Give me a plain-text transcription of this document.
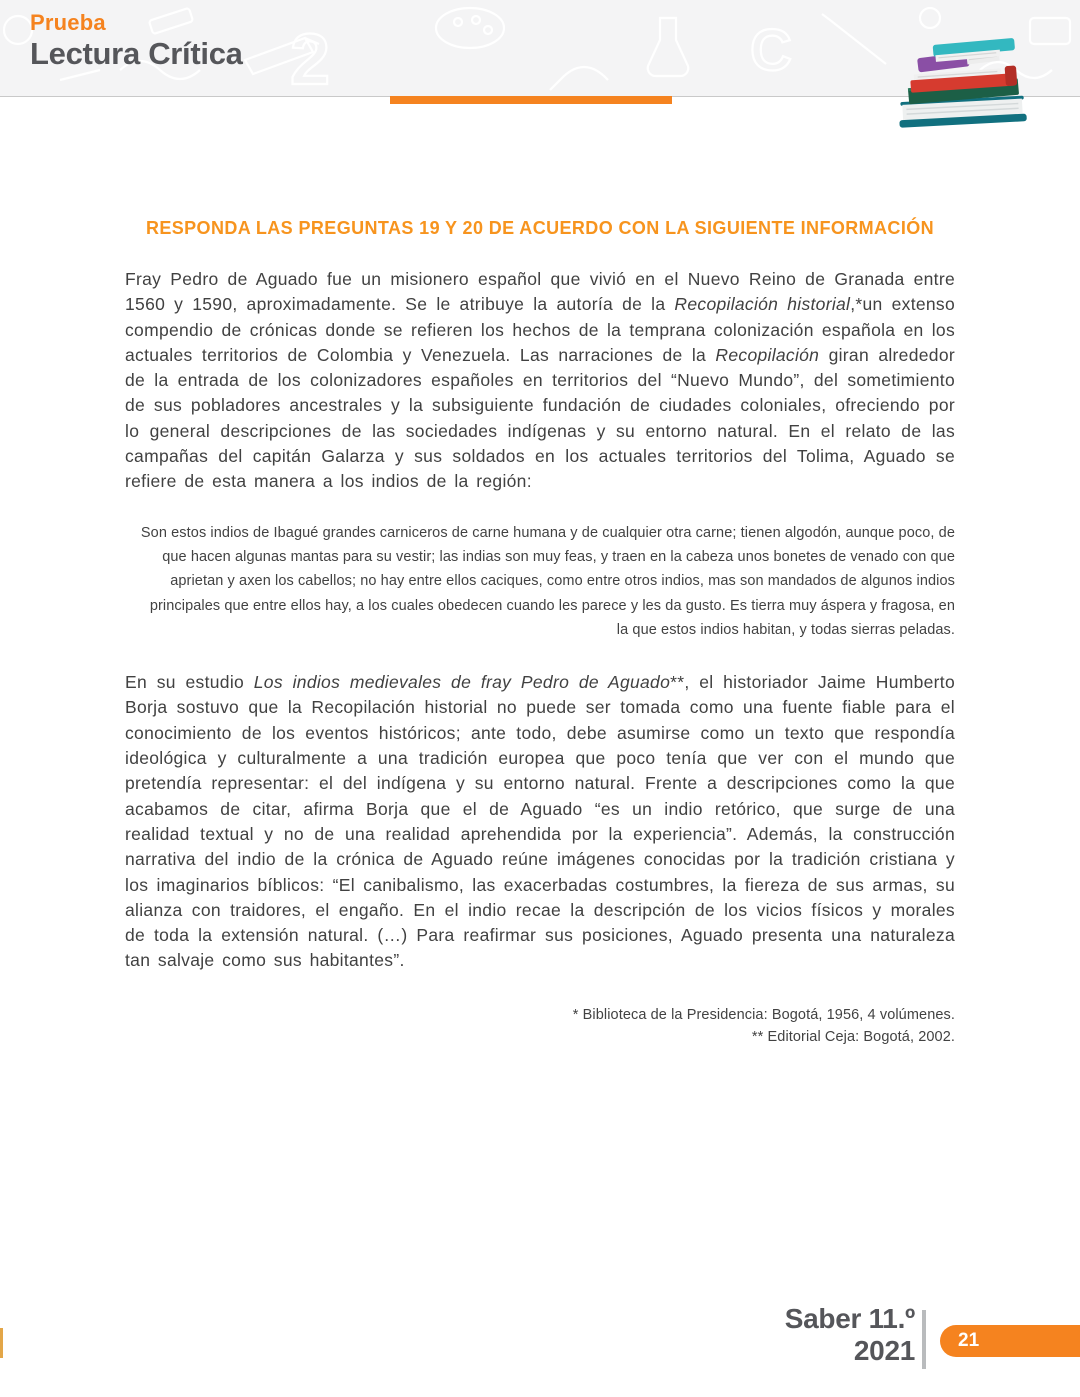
2	C
Prueba
Lectura Crítica
RESPONDA LAS PREGUNTAS 19 Y 20 DE ACUERDO CON LA SIGUIENTE INFORMACIÓN

Fray Pedro de Aguado fue un misionero español que vivió en el Nuevo Reino de Granada entre 1560 y 1590, aproximadamente. Se le atribuye la autoría de la Recopilación historial,*un extenso compendio de crónicas donde se refieren los hechos de la temprana colonización española en los actuales territorios de Colombia y Venezuela. Las narraciones de la Recopilación giran alrededor de la entrada de los colonizadores españoles en territorios del “Nuevo Mundo”, del sometimiento de sus pobladores ancestrales y la subsiguiente fundación de ciudades coloniales, ofreciendo por lo general descripciones de las sociedades indígenas y su entorno natural. En el relato de las campañas del capitán Galarza y sus soldados en los actuales territorios del Tolima, Aguado se refiere de esta manera a los indios de la región:

Son estos indios de Ibagué grandes carniceros de carne humana y de cualquier otra carne; tienen algodón, aunque poco, de que hacen algunas mantas para su vestir; las indias son muy feas, y traen en la cabeza unos bonetes de venado con que aprietan y axen los cabellos; no hay entre ellos caciques, como entre otros indios, mas son mandados de algunos indios principales que entre ellos hay, a los cuales obedecen cuando les parece y les da gusto. Es tierra muy áspera y fragosa, en la que estos indios habitan, y todas sierras peladas.

En su estudio Los indios medievales de fray Pedro de Aguado**, el historiador Jaime Humberto Borja sostuvo que la Recopilación historial no puede ser tomada como una fuente fiable para el conocimiento de los eventos históricos; ante todo, debe asumirse como un texto que respondía ideológica y culturalmente a una tradición europea que poco tenía que ver con el mundo que pretendía representar: el del indígena y su entorno natural. Frente a descripciones como la que acabamos de citar, afirma Borja que el de Aguado “es un indio retórico, que surge de una realidad textual y no de una realidad aprehendida por la experiencia”. Además, la construcción narrativa del indio de la crónica de Aguado reúne imágenes conocidas por la tradición cristiana y los imaginarios bíblicos: “El canibalismo, las exacerbadas costumbres, la fiereza de sus armas, su alianza con traidores, el engaño. En el indio recae la descripción de los vicios físicos y morales de toda la extensión natural. (…) Para reafirmar sus posiciones, Aguado presenta una naturaleza tan salvaje como sus habitantes”.

* Biblioteca de la Presidencia: Bogotá, 1956, 4 volúmenes.
** Editorial Ceja: Bogotá, 2002.
Saber 11.º
2021 21
